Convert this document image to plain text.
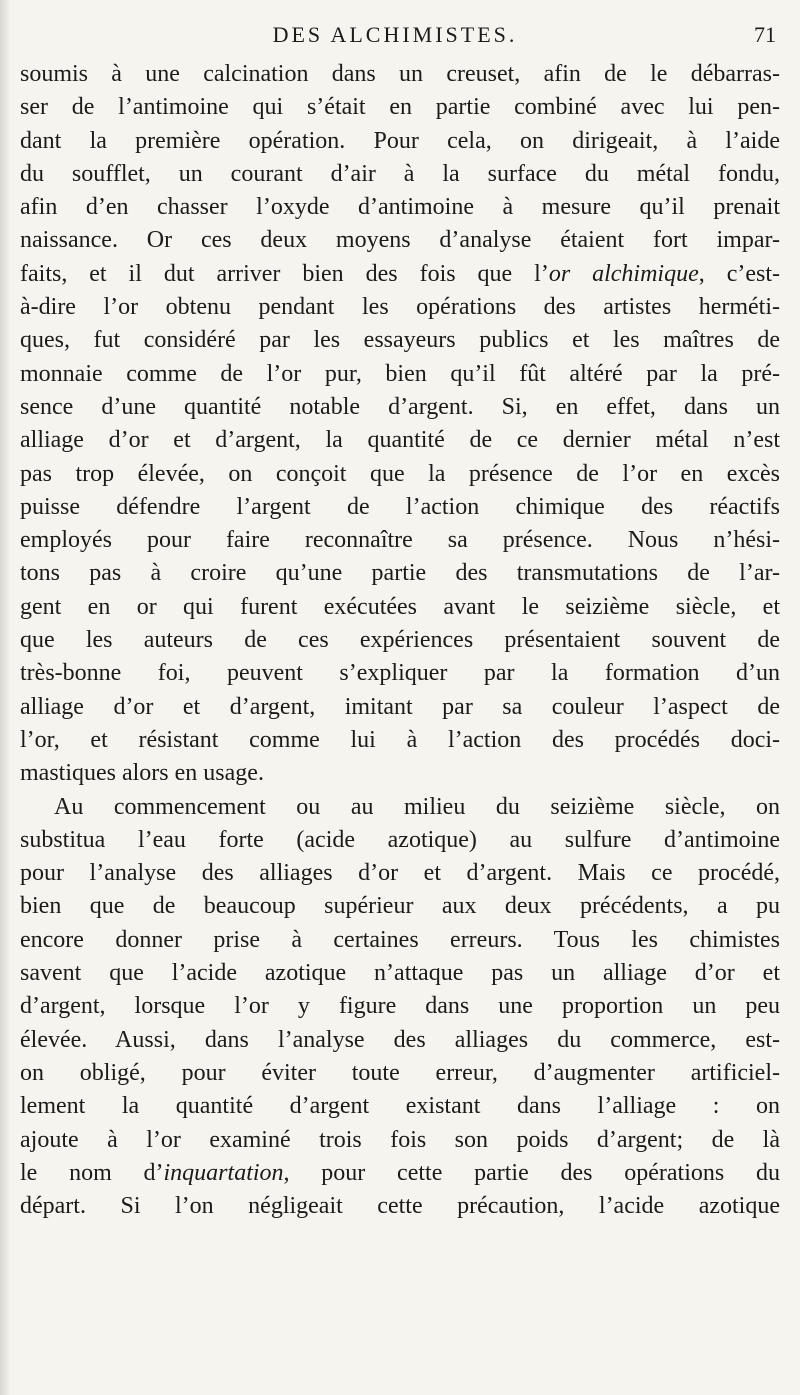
DES ALCHIMISTES.	71
soumis à une calcination dans un creuset, afin de le débarras-
ser de l’antimoine qui s’était en partie combiné avec lui pen-
dant la première opération. Pour cela, on dirigeait, à l’aide
du soufflet, un courant d’air à la surface du métal fondu,
afin d’en chasser l’oxyde d’antimoine à mesure qu’il prenait
naissance. Or ces deux moyens d’analyse étaient fort impar-
faits, et il dut arriver bien des fois que l’or alchimique, c’est-
à-dire l’or obtenu pendant les opérations des artistes herméti-
ques, fut considéré par les essayeurs publics et les maîtres de
monnaie comme de l’or pur, bien qu’il fût altéré par la pré-
sence d’une quantité notable d’argent. Si, en effet, dans un
alliage d’or et d’argent, la quantité de ce dernier métal n’est
pas trop élevée, on conçoit que la présence de l’or en excès
puisse défendre l’argent de l’action chimique des réactifs
employés pour faire reconnaître sa présence. Nous n’hési-
tons pas à croire qu’une partie des transmutations de l’ar-
gent en or qui furent exécutées avant le seizième siècle, et
que les auteurs de ces expériences présentaient souvent de
très-bonne foi, peuvent s’expliquer par la formation d’un
alliage d’or et d’argent, imitant par sa couleur l’aspect de
l’or, et résistant comme lui à l’action des procédés doci-
mastiques alors en usage.
Au commencement ou au milieu du seizième siècle, on
substitua l’eau forte (acide azotique) au sulfure d’antimoine
pour l’analyse des alliages d’or et d’argent. Mais ce procédé,
bien que de beaucoup supérieur aux deux précédents, a pu
encore donner prise à certaines erreurs. Tous les chimistes
savent que l’acide azotique n’attaque pas un alliage d’or et
d’argent, lorsque l’or y figure dans une proportion un peu
élevée. Aussi, dans l’analyse des alliages du commerce, est-
on obligé, pour éviter toute erreur, d’augmenter artificiel-
lement la quantité d’argent existant dans l’alliage : on
ajoute à l’or examiné trois fois son poids d’argent; de là
le nom d’inquartation, pour cette partie des opérations du
départ. Si l’on négligeait cette précaution, l’acide azotique
